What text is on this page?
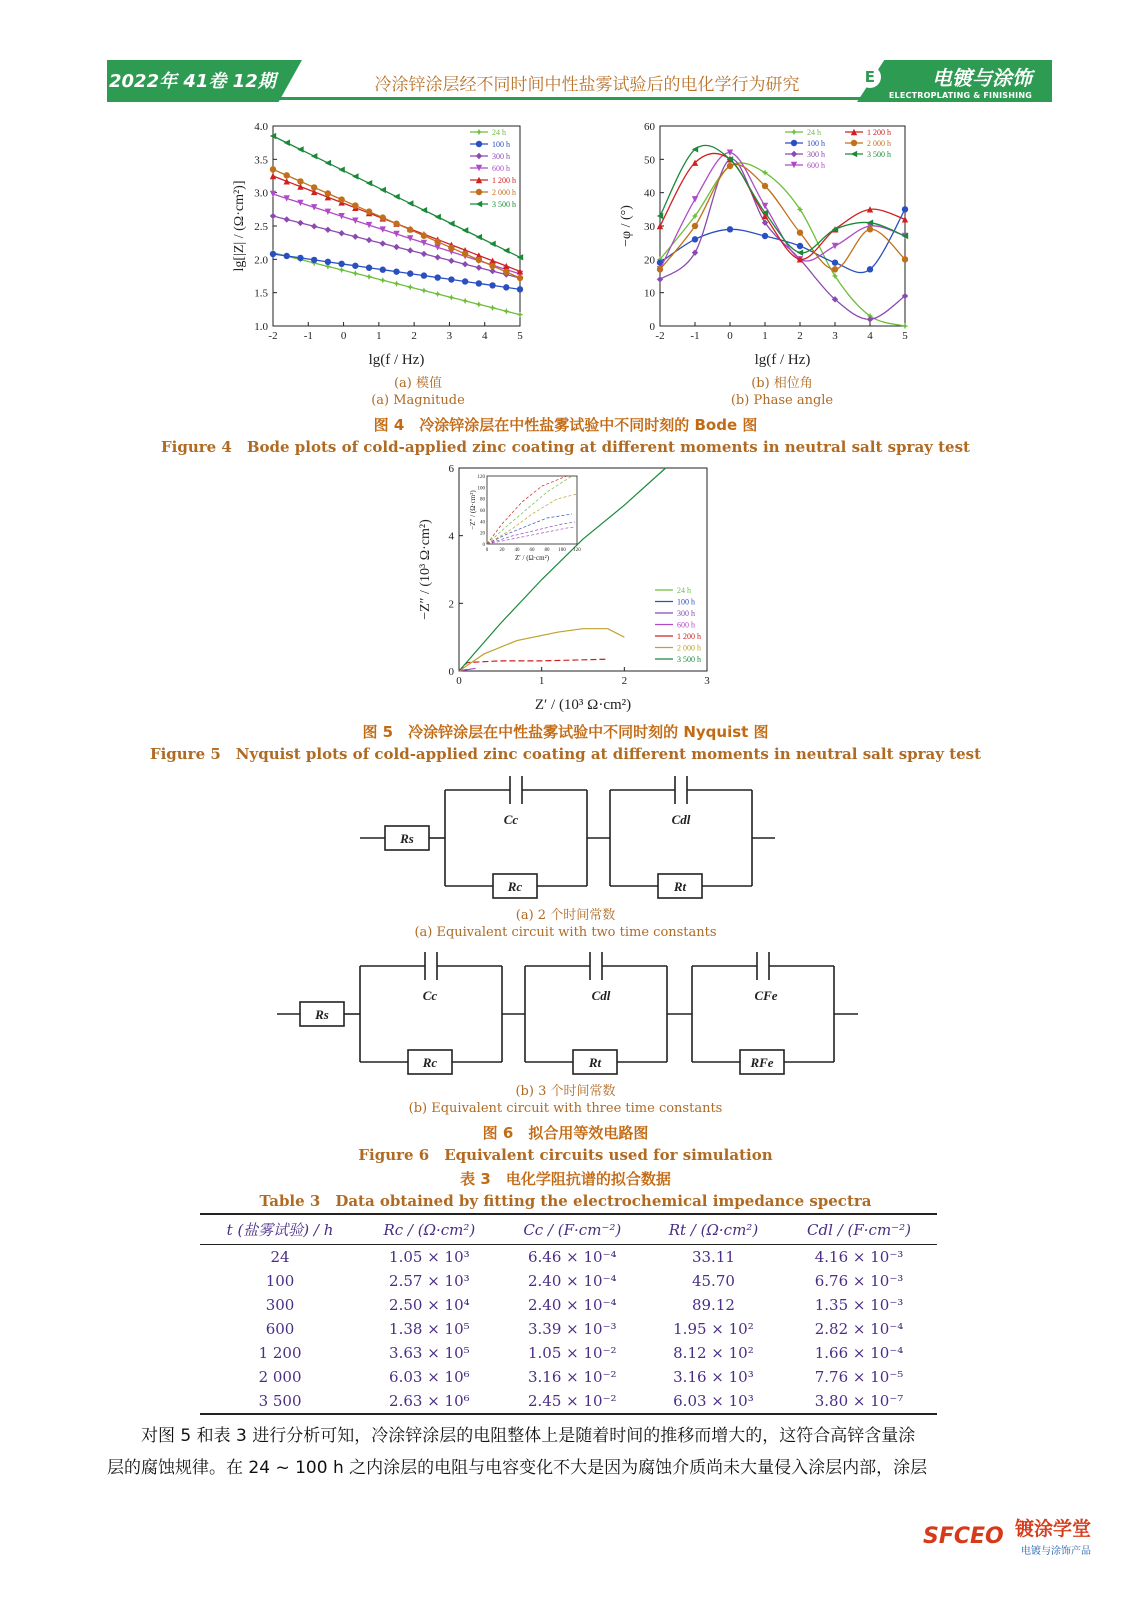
2022年 41卷 12期	冷涂锌涂层经不同时间中性盐雾试验后的电化学行为研究	E	电镀与涂饰
ELECTROPLATING & FINISHING
-2 -1	0	1	2	3	4	5
1.0
1.5
2.0
2.5
3.0
3.5
4.0
lg(f / Hz)
lg[|Z| / (Ω·cm²)]
24 h
100 h
300 h
600 h
1 200 h
2 000 h
3 500 h
(a) 模值
(a) Magnitude
-2 -1	0	1	2	3	4	5
0
10
20
30
40
50
60
lg(f / Hz)
−φ / (°)
24 h
100 h
300 h
600 h
1 200 h
2 000 h
3 500 h
(b) 相位角
(b) Phase angle
图 4　冷涂锌涂层在中性盐雾试验中不同时刻的 Bode 图
Figure 4　Bode plots of cold-applied zinc coating at different moments in neutral salt spray test
0	1	2	3
0
2
4
6
Z′ / (10³ Ω·cm²)
−Z″ / (10³ Ω·cm²)	24 h
100 h
300 h
600 h
1 200 h
2 000 h
3 500 h
0 20 40 60 80 100 120
0
20
40
60
80
100
120
Z′ / (Ω·cm²)
−Z″ / (Ω·cm²)
图 5　冷涂锌涂层在中性盐雾试验中不同时刻的 Nyquist 图
Figure 5　Nyquist plots of cold-applied zinc coating at different moments in neutral salt spray test
Rs
Cc
Rc
Cdl
Rt
(a) 2 个时间常数
(a) Equivalent circuit with two time constants
Rs
Cc
Rc
Cdl
Rt
CFe
RFe
(b) 3 个时间常数
(b) Equivalent circuit with three time constants
图 6　拟合用等效电路图
Figure 6　Equivalent circuits used for simulation
表 3　电化学阻抗谱的拟合数据
Table 3　Data obtained by fitting the electrochemical impedance spectra
t (盐雾试验) / h	Rc / (Ω·cm²)	Cc / (F·cm⁻²)	Rt / (Ω·cm²)	Cdl / (F·cm⁻²)
24	1.05 × 10³	6.46 × 10⁻⁴	33.11	4.16 × 10⁻³
100	2.57 × 10³	2.40 × 10⁻⁴	45.70	6.76 × 10⁻³
300	2.50 × 10⁴	2.40 × 10⁻⁴	89.12	1.35 × 10⁻³
600	1.38 × 10⁵	3.39 × 10⁻³	1.95 × 10²	2.82 × 10⁻⁴
1 200	3.63 × 10⁵	1.05 × 10⁻²	8.12 × 10²	1.66 × 10⁻⁴
2 000	6.03 × 10⁶	3.16 × 10⁻²	3.16 × 10³	7.76 × 10⁻⁵
3 500	2.63 × 10⁶	2.45 × 10⁻²	6.03 × 10³	3.80 × 10⁻⁷
对图 5 和表 3 进行分析可知，冷涂锌涂层的电阻整体上是随着时间的推移而增大的，这符合高锌含量涂
层的腐蚀规律。在 24 ~ 100 h 之内涂层的电阻与电容变化不大是因为腐蚀介质尚未大量侵入涂层内部，涂层
SFCEO 镀涂学堂
电镀与涂饰产品
